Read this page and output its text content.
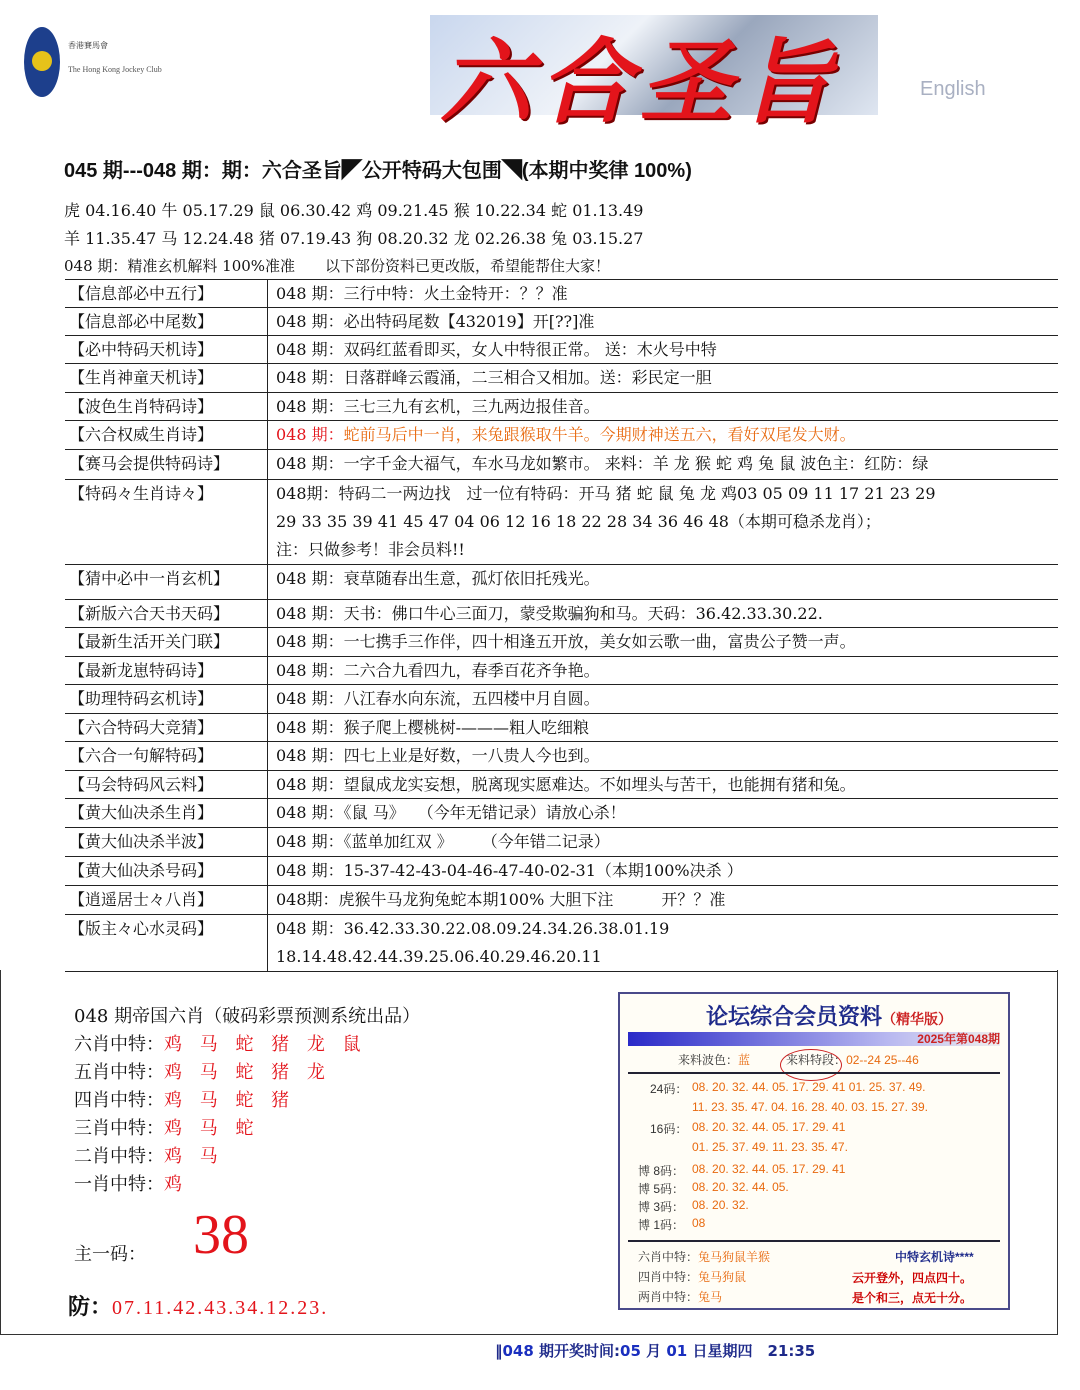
香港賽馬會
The Hong Kong Jockey Club	六合圣旨	English
045 期---048 期：期：六合圣旨◤公开特码大包围◥(本期中奖律 100%)
虎 04.16.40 牛 05.17.29 鼠 06.30.42 鸡 09.21.45 猴 10.22.34 蛇 01.13.49
羊 11.35.47 马 12.24.48 猪 07.19.43 狗 08.20.32 龙 02.26.38 兔 03.15.27
048 期：精准玄机解料 100%准准　　以下部份资料已更改版，希望能帮住大家！
【信息部必中五行】	048 期：三行中特：火土金特开：？？准

【信息部必中尾数】	048 期：必出特码尾数【432019】开[??]准

【必中特码天机诗】	048 期：双码红蓝看即买，女人中特很正常。 送：木火号中特

【生肖神童天机诗】	048 期：日落群峰云霞涌，二三相合又相加。送：彩民定一胆

【波色生肖特码诗】	048 期：三七三九有玄机，三九两边报佳音。

【六合权威生肖诗】	048 期：蛇前马后中一肖，来兔跟猴取牛羊。今期财神送五六，看好双尾发大财。
【赛马会提供特码诗】	048 期：一字千金大福气，车水马龙如繁市。 来料：羊 龙 猴 蛇 鸡 兔 鼠 波色主：红防：绿

【特码々生肖诗々】	048期：特码二一两边找　过一位有特码：开马 猪 蛇 鼠 兔 龙 鸡03 05 09 11 17 21 23 29
29 33 35 39 41 45 47 04 06 12 16 18 22 28 34 36 46 48（本期可稳杀龙肖）；
注：只做参考！非会员料!!

【猜中必中一肖玄机】	048 期：衰草随春出生意，孤灯依旧托残光。

【新版六合天书天码】	048 期：天书：佛口牛心三面刀，蒙受欺骗狗和马。天码：36.42.33.30.22.

【最新生活开关门联】	048 期：一七携手三作伴，四十相逢五开放，美女如云歌一曲，富贵公子赞一声。

【最新龙崽特码诗】	048 期：二六合九看四九，春季百花齐争艳。

【助理特码玄机诗】	048 期：八江春水向东流，五四楼中月自圆。

【六合特码大竞猜】	048 期：猴子爬上樱桃树-———粗人吃细粮

【六合一句解特码】	048 期：四七上业是好数，一八贵人今也到。

【马会特码风云料】	048 期：望鼠成龙实妄想，脱离现实愿难达。不如埋头与苦干，也能拥有猪和兔。

【黄大仙决杀生肖】	048 期：《鼠 马》　 （今年无错记录）请放心杀！

【黄大仙决杀半波】	048 期：《蓝单加红双 》　　 （今年错二记录）

【黄大仙决杀号码】	048 期：15-37-42-43-04-46-47-40-02-31（本期100%决杀 ）

【逍遥居士々八肖】	048期：虎猴牛马龙狗兔蛇本期100% 大胆下注　　　开？？准

【版主々心水灵码】	048 期：36.42.33.30.22.08.09.24.34.26.38.01.19
18.14.48.42.44.39.25.06.40.29.46.20.11
048 期帝国六肖（破码彩票预测系统出品）
六肖中特：鸡 马 蛇 猪 龙 鼠
五肖中特：鸡 马 蛇 猪 龙
四肖中特：鸡 马 蛇 猪
三肖中特：鸡 马 蛇
二肖中特：鸡 马
一肖中特：鸡
主一码： 38
防：07.11.42.43.34.12.23.
论坛综合会员资料（精华版）
2025年第048期
来料波色：蓝　　　	来料特段：02--24 25--46
24码： 08. 20. 32. 44. 05. 17. 29. 41 01. 25. 37. 49.
11. 23. 35. 47. 04. 16. 28. 40. 03. 15. 27. 39.
16码： 08. 20. 32. 44. 05. 17. 29. 41
01. 25. 37. 49. 11. 23. 35. 47.
博 8码： 08. 20. 32. 44. 05. 17. 29. 41
博 5码： 08. 20. 32. 44. 05.
博 3码： 08. 20. 32.
博 1码： 08
六肖中特：兔马狗鼠羊猴
四肖中特：兔马狗鼠
两肖中特：兔马
中特玄机诗****
云开登外，四点四十。
是个和三，点无十分。
‖048 期开奖时间:05 月 01 日星期四　21:35
